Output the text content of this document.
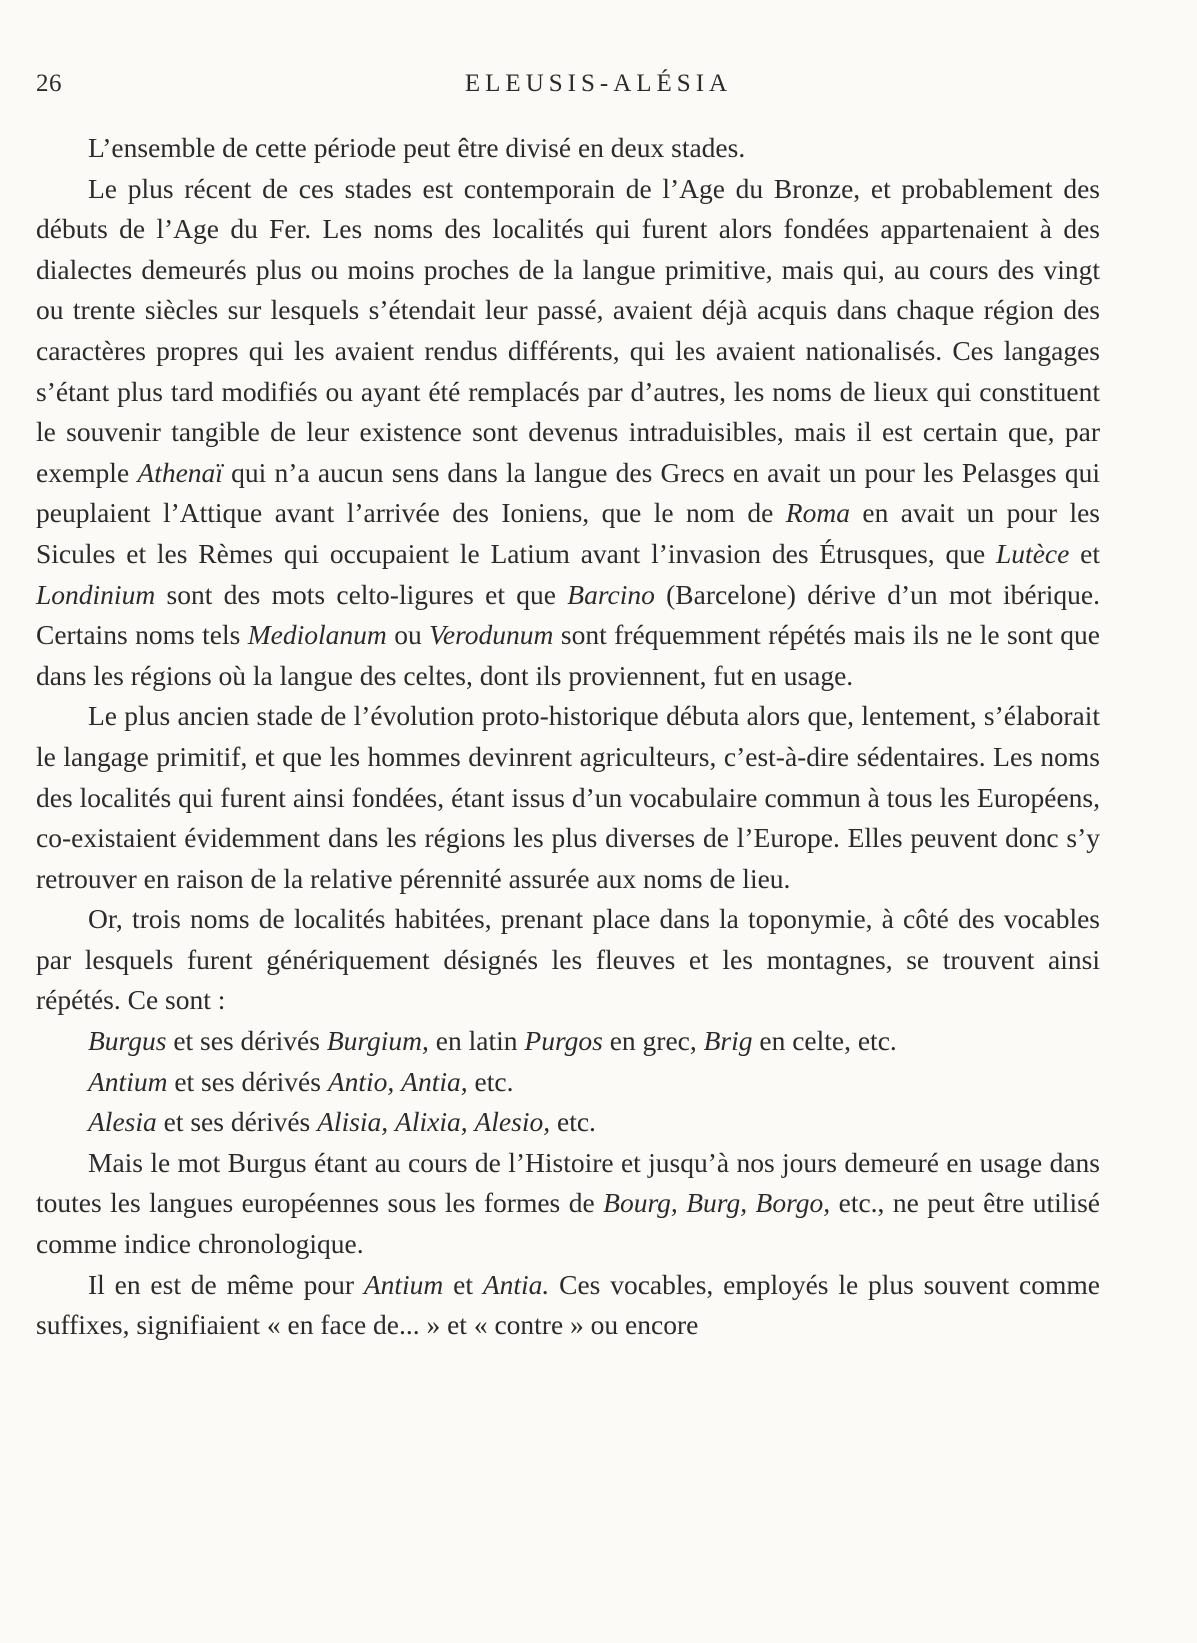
26	ELEUSIS-ALÉSIA

L’ensemble de cette période peut être divisé en deux stades.

Le plus récent de ces stades est contemporain de l’Age du Bronze, et probablement des débuts de l’Age du Fer. Les noms des localités qui furent alors fondées appartenaient à des dialectes demeurés plus ou moins proches de la langue primitive, mais qui, au cours des vingt ou trente siècles sur lesquels s’étendait leur passé, avaient déjà acquis dans chaque région des caractères propres qui les avaient rendus différents, qui les avaient nationalisés. Ces langages s’étant plus tard modifiés ou ayant été remplacés par d’autres, les noms de lieux qui constituent le souvenir tangible de leur existence sont devenus intraduisibles, mais il est certain que, par exemple Athenaï qui n’a aucun sens dans la langue des Grecs en avait un pour les Pelasges qui peuplaient l’Attique avant l’arrivée des Ioniens, que le nom de Roma en avait un pour les Sicules et les Rèmes qui occupaient le Latium avant l’invasion des Étrusques, que Lutèce et Londinium sont des mots celto-ligures et que Barcino (Barcelone) dérive d’un mot ibérique. Certains noms tels Mediolanum ou Verodunum sont fréquemment répétés mais ils ne le sont que dans les régions où la langue des celtes, dont ils proviennent, fut en usage.

Le plus ancien stade de l’évolution proto-historique débuta alors que, lentement, s’élaborait le langage primitif, et que les hommes devinrent agriculteurs, c’est-à-dire sédentaires. Les noms des localités qui furent ainsi fondées, étant issus d’un vocabulaire commun à tous les Européens, co-existaient évidemment dans les régions les plus diverses de l’Europe. Elles peuvent donc s’y retrouver en raison de la relative pérennité assurée aux noms de lieu.

Or, trois noms de localités habitées, prenant place dans la toponymie, à côté des vocables par lesquels furent génériquement désignés les fleuves et les montagnes, se trouvent ainsi répétés. Ce sont :

Burgus et ses dérivés Burgium, en latin Purgos en grec, Brig en celte, etc.
Antium et ses dérivés Antio, Antia, etc.
Alesia et ses dérivés Alisia, Alixia, Alesio, etc.

Mais le mot Burgus étant au cours de l’Histoire et jusqu’à nos jours demeuré en usage dans toutes les langues européennes sous les formes de Bourg, Burg, Borgo, etc., ne peut être utilisé comme indice chronologique.

Il en est de même pour Antium et Antia. Ces vocables, employés le plus souvent comme suffixes, signifiaient « en face de... » et « contre » ou encore
